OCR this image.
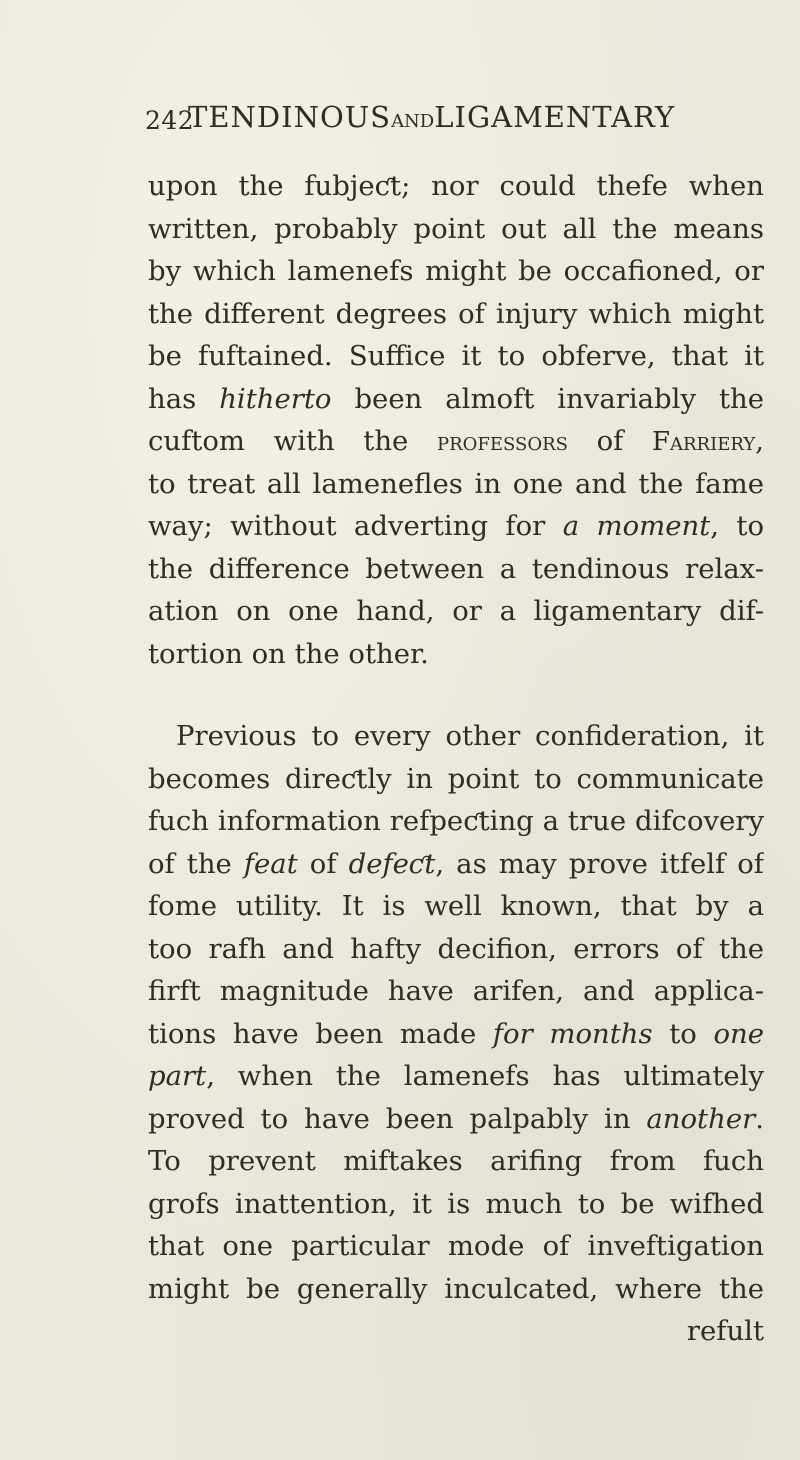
242
TENDINOUSANDLIGAMENTARY
upon the fubjeƈt; nor could thefe when
written, probably point out all the means
by which lamenefs might be occafioned, or
the different degrees of injury which might
be fuftained. Suffice it to obferve, that it
has hitherto been almoft invariably the
cuftom with the professors of Farriery,
to treat all lamenefles in one and the fame
way; without adverting for a moment, to
the difference between a tendinous relax-
ation on one hand, or a ligamentary dif-
tortion on the other.
Previous to every other confideration, it
becomes direƈtly in point to communicate
fuch information refpeƈting a true difcovery
of the feat of defeƈt, as may prove itfelf of
fome utility. It is well known, that by a
too rafh and hafty decifion, errors of the
firft magnitude have arifen, and applica-
tions have been made for months to one
part, when the lamenefs has ultimately
proved to have been palpably in another.
To prevent miftakes arifing from fuch
grofs inattention, it is much to be wifhed
that one particular mode of inveftigation
might be generally inculcated, where the
refult
